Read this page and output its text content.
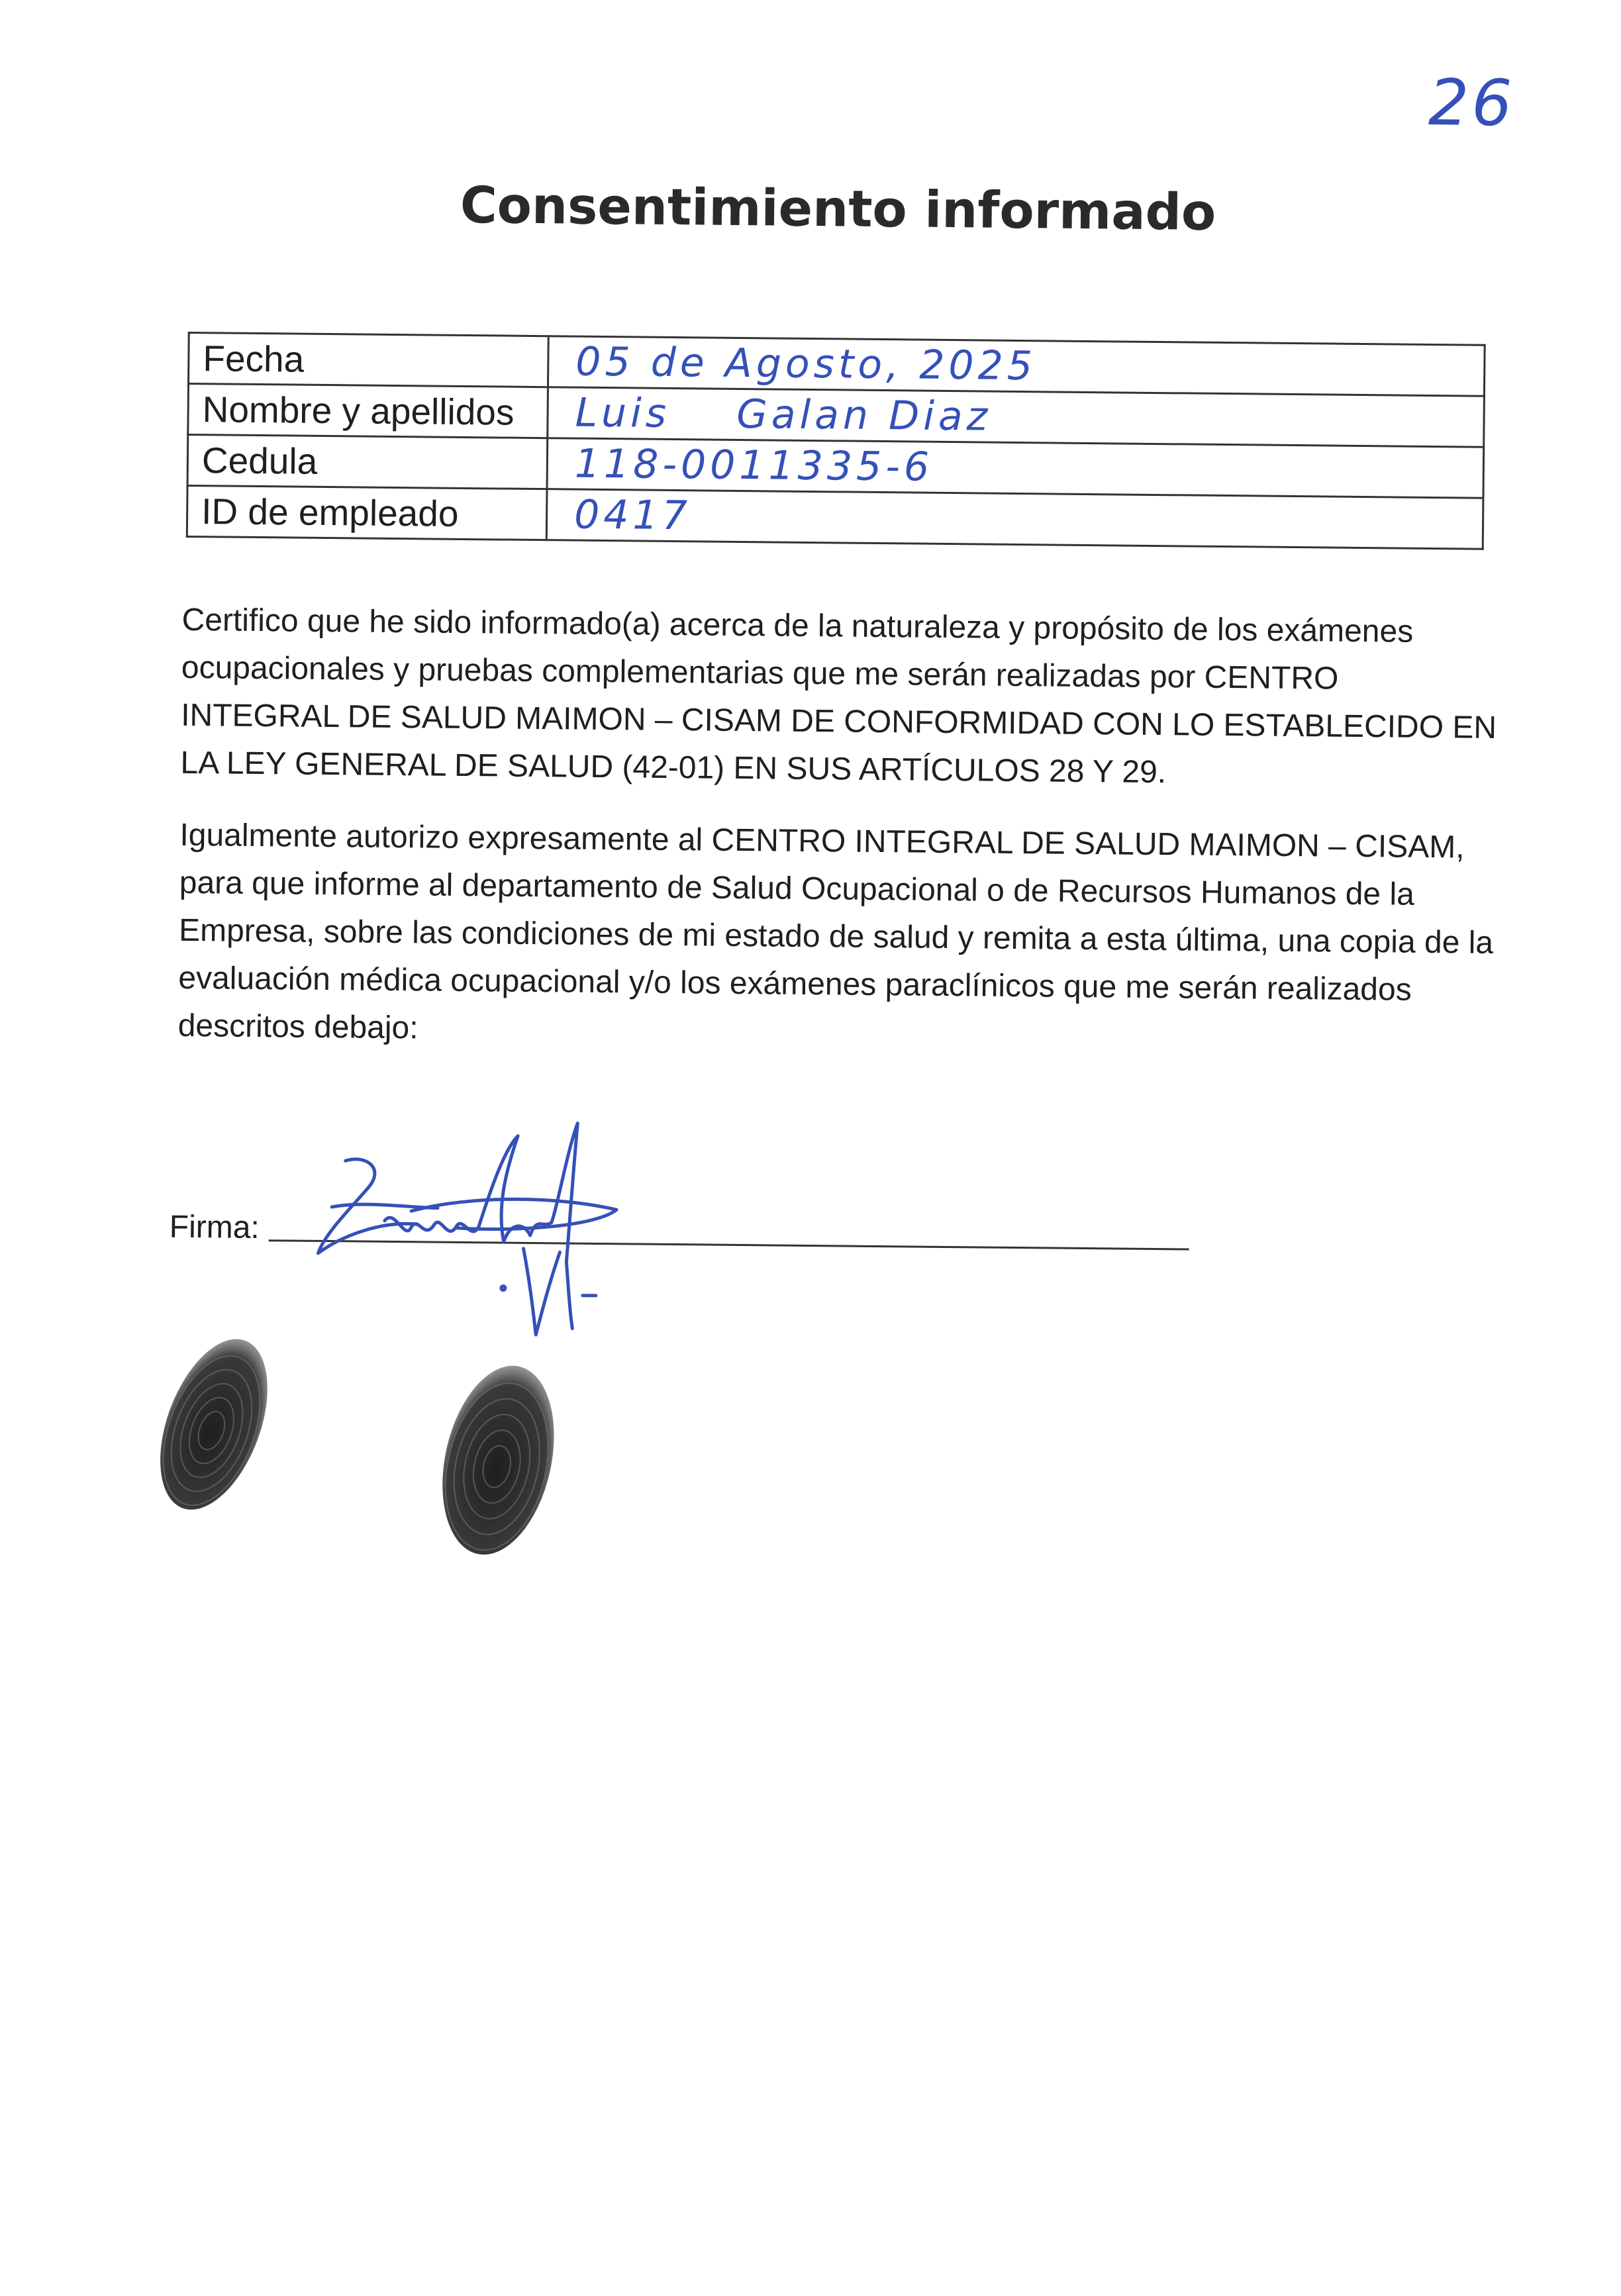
26
Consentimiento informado
Fecha	05 de Agosto, 2025
Nombre y apellidos	Luis    Galan Diaz
Cedula	118-0011335-6
ID de empleado	0417

Certifico que he sido informado(a) acerca de la naturaleza y propósito de los exámenes ocupacionales y pruebas complementarias que me serán realizadas por CENTRO INTEGRAL DE SALUD MAIMON – CISAM DE CONFORMIDAD CON LO ESTABLECIDO EN LA LEY GENERAL DE SALUD (42-01) EN SUS ARTÍCULOS 28 Y 29.

Igualmente autorizo expresamente al CENTRO INTEGRAL DE SALUD MAIMON – CISAM, para que informe al departamento de Salud Ocupacional o de Recursos Humanos de la Empresa, sobre las condiciones de mi estado de salud y remita a esta última, una copia de la evaluación médica ocupacional y/o los exámenes paraclínicos que me serán realizados descritos debajo:

Firma:
